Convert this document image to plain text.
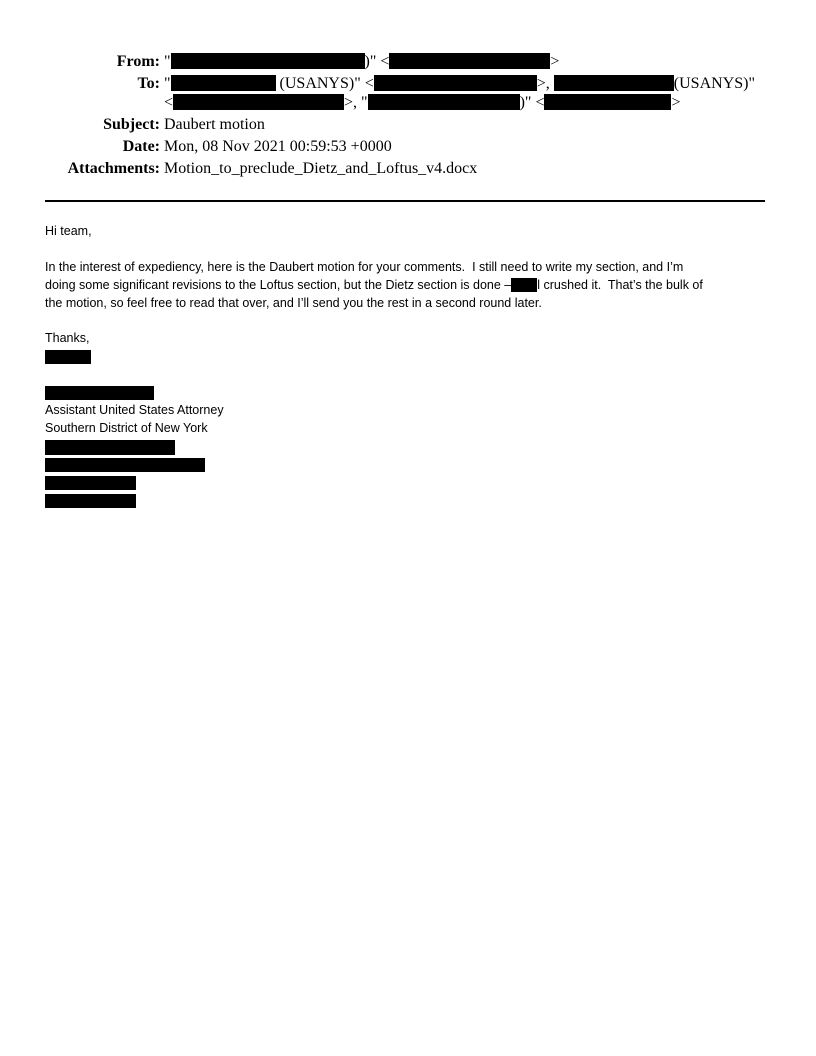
From: "	)" <	>
To: "	(USANYS)" <	>,	(USANYS)"
<	>, "	)" <	>
Subject: Daubert motion
Date: Mon, 08 Nov 2021 00:59:53 +0000
Attachments: Motion_to_preclude_Dietz_and_Loftus_v4.docx
Hi team,
In the interest of expediency, here is the Daubert motion for your comments.  I still need to write my section, and I’m
doing some significant revisions to the Loftus section, but the Dietz section is done – l crushed it.  That’s the bulk of
the motion, so feel free to read that over, and I’ll send you the rest in a second round later.
Thanks,
Assistant United States Attorney
Southern District of New York
